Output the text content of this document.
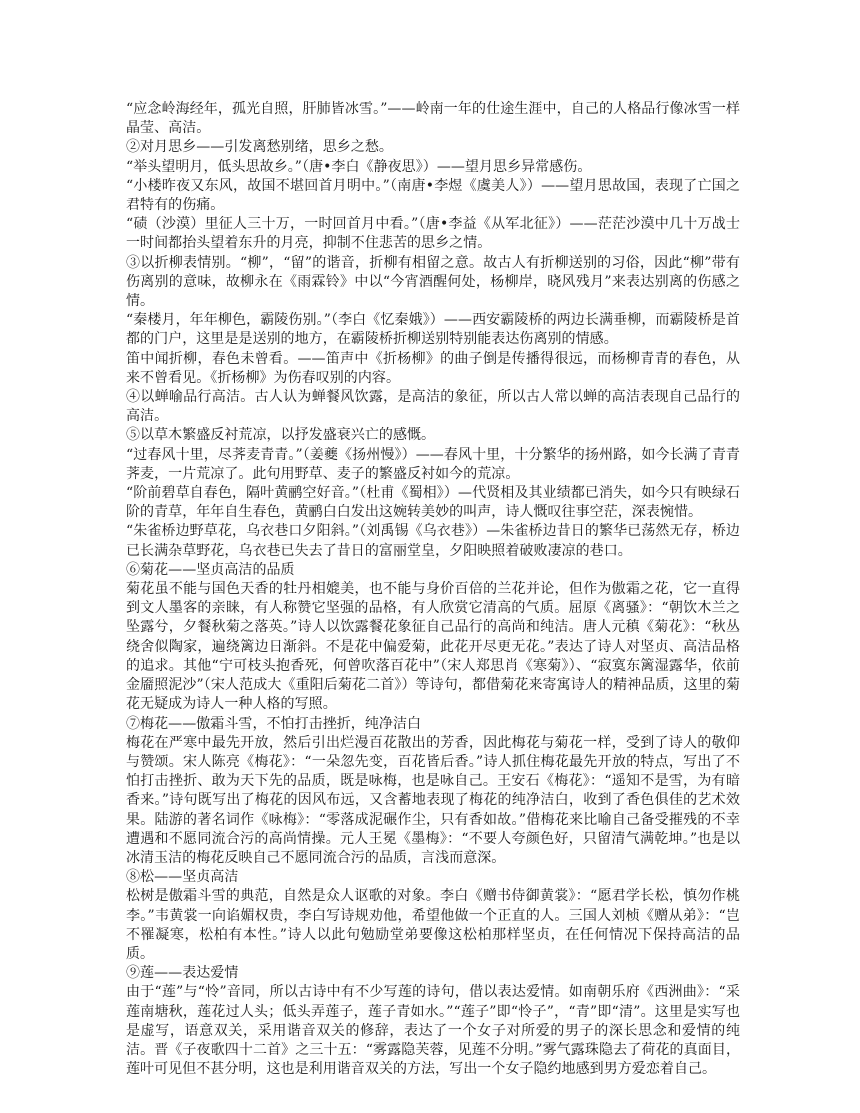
“应念岭海经年，孤光自照，肝肺皆冰雪。”——岭南一年的仕途生涯中，自己的人格品行像冰雪一样晶莹、高洁。

②对月思乡——引发离愁别绪，思乡之愁。

“举头望明月，低头思故乡。”（唐•李白《静夜思》）——望月思乡异常感伤。

“小楼昨夜又东风，故国不堪回首月明中。”（南唐•李煜《虞美人》）——望月思故国，表现了亡国之君特有的伤痛。

“碛（沙漠）里征人三十万，一时回首月中看。”（唐•李益《从军北征》）——茫茫沙漠中几十万战士一时间都抬头望着东升的月亮，抑制不住悲苦的思乡之情。

③以折柳表情别。“柳”，“留”的谐音，折柳有相留之意。故古人有折柳送别的习俗，因此“柳”带有伤离别的意味，故柳永在《雨霖铃》中以“今宵酒醒何处，杨柳岸，晓风残月”来表达别离的伤感之情。

“秦楼月，年年柳色，霸陵伤别。”（李白《忆秦娥》）——西安霸陵桥的两边长满垂柳，而霸陵桥是首都的门户，这里是是送别的地方，在霸陵桥折柳送别特别能表达伤离别的情感。

笛中闻折柳，春色未曾看。——笛声中《折杨柳》的曲子倒是传播得很远，而杨柳青青的春色，从来不曾看见。《折杨柳》为伤春叹别的内容。

④以蝉喻品行高洁。古人认为蝉餐风饮露，是高洁的象征，所以古人常以蝉的高洁表现自己品行的高洁。

⑤以草木繁盛反衬荒凉，以抒发盛衰兴亡的感慨。

“过春风十里，尽荠麦青青。”（姜夔《扬州慢》）——春风十里，十分繁华的扬州路，如今长满了青青荠麦，一片荒凉了。此句用野草、麦子的繁盛反衬如今的荒凉。

“阶前碧草自春色，隔叶黄鹂空好音。”（杜甫《蜀相》）—代贤相及其业绩都已消失，如今只有映绿石阶的青草，年年自生春色，黄鹂白白发出这婉转美妙的叫声，诗人慨叹往事空茫，深表惋惜。

“朱雀桥边野草花，乌衣巷口夕阳斜。”（刘禹锡《乌衣巷》）—朱雀桥边昔日的繁华已荡然无存，桥边已长满杂草野花，乌衣巷已失去了昔日的富丽堂皇，夕阳映照着破败凄凉的巷口。

⑥菊花——坚贞高洁的品质

菊花虽不能与国色天香的牡丹相媲美，也不能与身价百倍的兰花并论，但作为傲霜之花，它一直得到文人墨客的亲睐，有人称赞它坚强的品格，有人欣赏它清高的气质。屈原《离骚》：“朝饮木兰之坠露兮，夕餐秋菊之落英。”诗人以饮露餐花象征自己品行的高尚和纯洁。唐人元稹《菊花》：“秋丛绕舍似陶家，遍绕篱边日渐斜。不是花中偏爱菊，此花开尽更无花。”表达了诗人对坚贞、高洁品格的追求。其他“宁可枝头抱香死，何曾吹落百花中”（宋人郑思肖《寒菊》）、“寂寞东篱湿露华，依前金靥照泥沙”（宋人范成大《重阳后菊花二首》）等诗句，都借菊花来寄寓诗人的精神品质，这里的菊花无疑成为诗人一种人格的写照。

⑦梅花——傲霜斗雪，不怕打击挫折，纯净洁白

梅花在严寒中最先开放，然后引出烂漫百花散出的芳香，因此梅花与菊花一样，受到了诗人的敬仰与赞颂。宋人陈亮《梅花》：“一朵忽先变，百花皆后香。”诗人抓住梅花最先开放的特点，写出了不怕打击挫折、敢为天下先的品质，既是咏梅，也是咏自己。王安石《梅花》：“遥知不是雪，为有暗香来。”诗句既写出了梅花的因风布远，又含蓄地表现了梅花的纯净洁白，收到了香色俱佳的艺术效果。陆游的著名词作《咏梅》：“零落成泥碾作尘，只有香如故。”借梅花来比喻自己备受摧残的不幸遭遇和不愿同流合污的高尚情操。元人王冕《墨梅》：“不要人夸颜色好，只留清气满乾坤。”也是以冰清玉洁的梅花反映自己不愿同流合污的品质，言浅而意深。

⑧松——坚贞高洁

松树是傲霜斗雪的典范，自然是众人讴歌的对象。李白《赠书侍御黄裳》：“愿君学长松，慎勿作桃李。”韦黄裳一向谄媚权贵，李白写诗规劝他，希望他做一个正直的人。三国人刘桢《赠从弟》：“岂不罹凝寒，松柏有本性。”诗人以此句勉励堂弟要像这松柏那样坚贞，在任何情况下保持高洁的品质。

⑨莲——表达爱情

由于“莲”与“怜”音同，所以古诗中有不少写莲的诗句，借以表达爱情。如南朝乐府《西洲曲》：“采莲南塘秋，莲花过人头；低头弄莲子，莲子青如水。”“莲子”即“怜子”，“青”即“清”。这里是实写也是虚写，语意双关，采用谐音双关的修辞，表达了一个女子对所爱的男子的深长思念和爱情的纯洁。晋《子夜歌四十二首》之三十五：“雾露隐芙蓉，见莲不分明。”雾气露珠隐去了荷花的真面目，莲叶可见但不甚分明，这也是利用谐音双关的方法，写出一个女子隐约地感到男方爱恋着自己。
